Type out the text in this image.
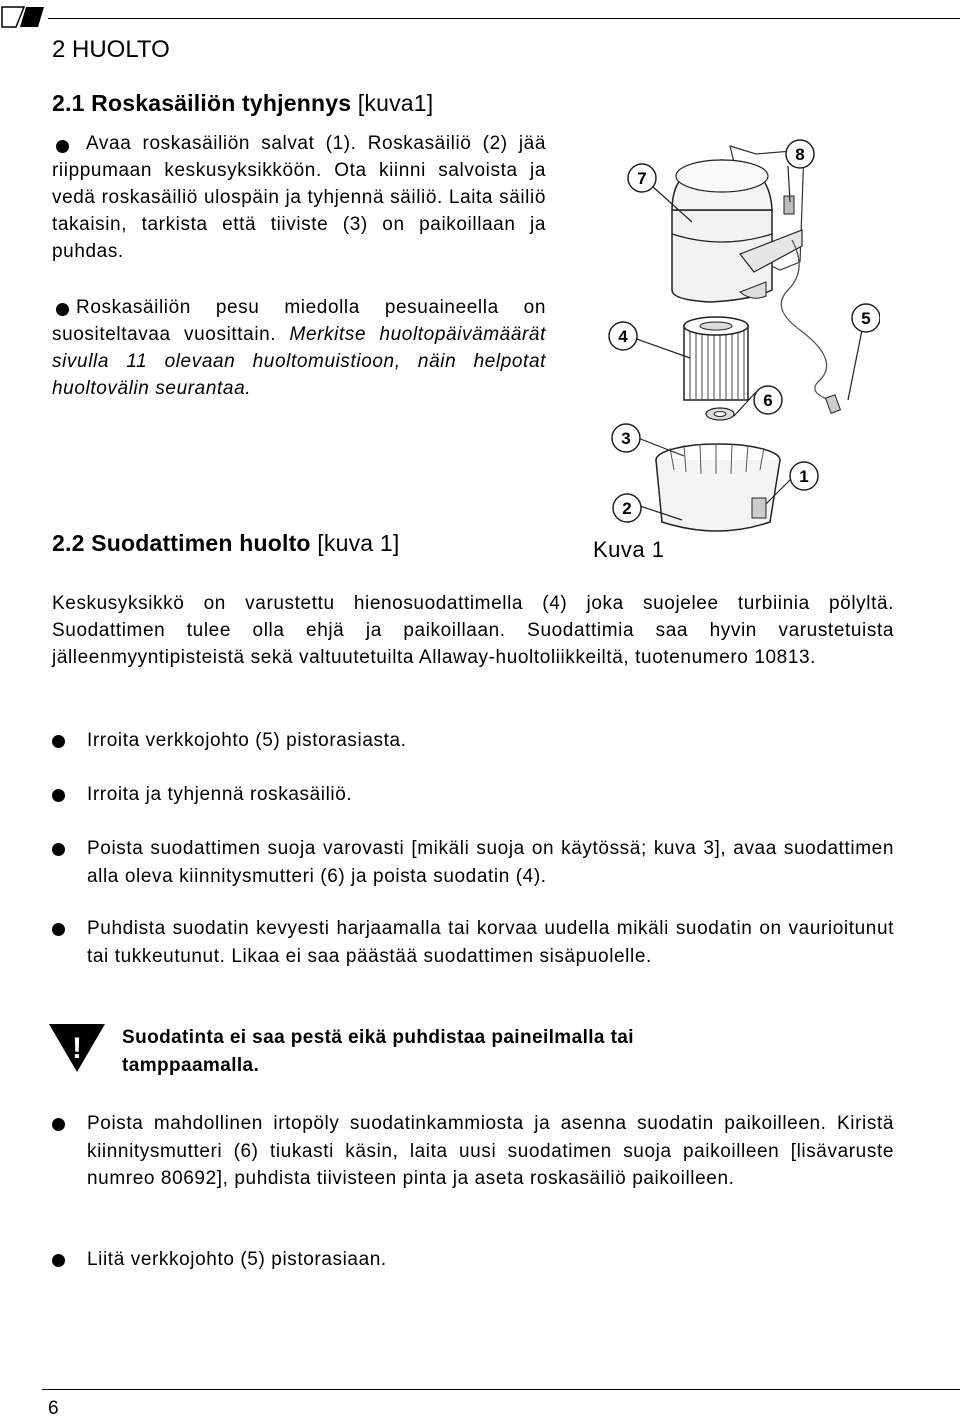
2 HUOLTO
2.1 Roskasäiliön tyhjennys [kuva1]

Avaa roskasäiliön salvat (1). Roskasäiliö (2) jää riippumaan keskusyksikköön. Ota kiinni salvoista ja vedä roskasäiliö ulospäin ja tyhjennä säiliö. Laita säiliö takaisin, tarkista että tiiviste (3) on paikoillaan ja puhdas.

Roskasäiliön pesu miedolla pesuaineella on suositeltavaa vuosittain. Merkitse huoltopäivämäärät sivulla 11 olevaan huoltomuistioon, näin helpotat huoltovälin seurantaa.

2.2 Suodattimen huolto [kuva 1]
7
8
4
5
6
3
1
2
Kuva 1

Keskusyksikkö on varustettu hienosuodattimella (4) joka suojelee turbiinia pölyltä. Suodattimen tulee olla ehjä ja paikoillaan. Suodattimia saa hyvin varustetuista jälleenmyyntipisteistä sekä valtuutetuilta Allaway-huoltoliikkeiltä, tuotenumero 10813.

Irroita verkkojohto (5) pistorasiasta.

Irroita ja tyhjennä roskasäiliö.

Poista suodattimen suoja varovasti [mikäli suoja on käytössä; kuva 3], avaa suodattimen alla oleva kiinnitysmutteri (6) ja poista suodatin (4).

Puhdista suodatin kevyesti harjaamalla tai korvaa uudella mikäli suodatin on vaurioitunut tai tukkeutunut. Likaa ei saa päästää suodattimen sisäpuolelle.

! Suodatinta ei saa pestä eikä puhdistaa paineilmalla tai tamppaamalla.

Poista mahdollinen irtopöly suodatinkammiosta ja asenna suodatin paikoilleen. Kiristä kiinnitysmutteri (6) tiukasti käsin, laita uusi suodatimen suoja paikoilleen [lisävaruste numreo 80692], puhdista tiivisteen pinta ja aseta roskasäiliö paikoilleen.

Liitä verkkojohto (5) pistorasiaan.

6
